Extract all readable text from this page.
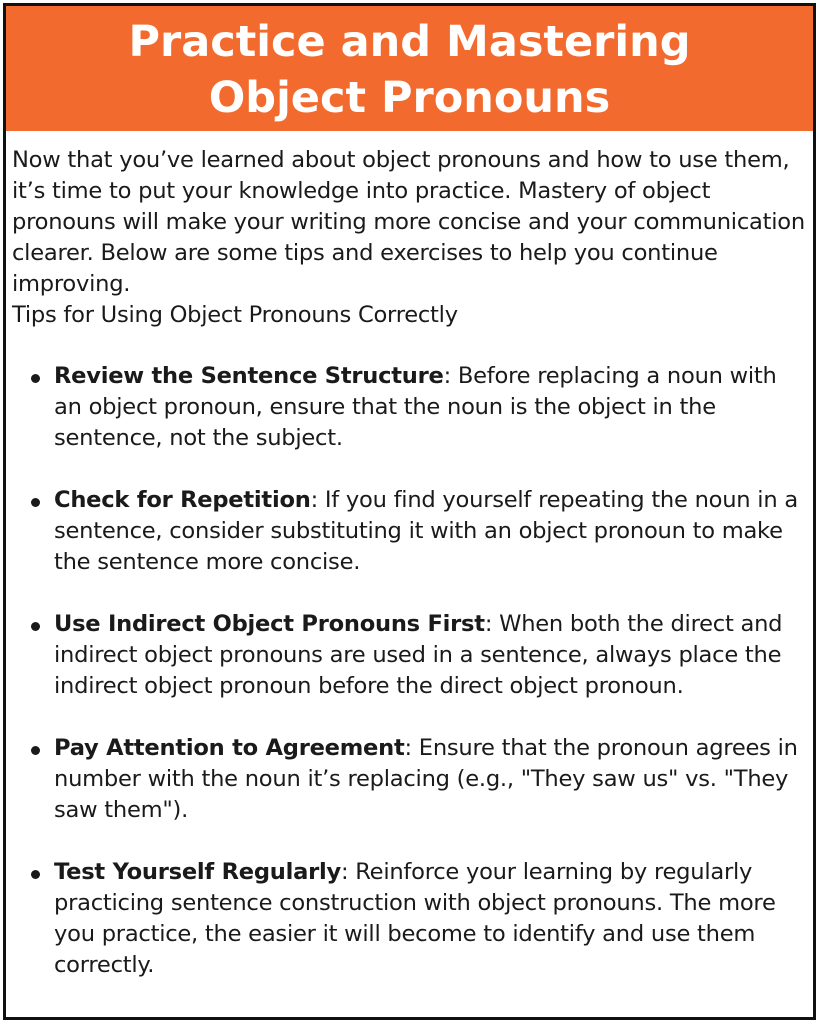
Practice and Mastering
Object Pronouns

Now that you’ve learned about object pronouns and how to use them, it’s time to put your knowledge into practice. Mastery of object pronouns will make your writing more concise and your communication clearer. Below are some tips and exercises to help you continue improving.

Tips for Using Object Pronouns Correctly

Review the Sentence Structure: Before replacing a noun with an object pronoun, ensure that the noun is the object in the sentence, not the subject.
Check for Repetition: If you find yourself repeating the noun in a sentence, consider substituting it with an object pronoun to make the sentence more concise.
Use Indirect Object Pronouns First: When both the direct and indirect object pronouns are used in a sentence, always place the indirect object pronoun before the direct object pronoun.
Pay Attention to Agreement: Ensure that the pronoun agrees in number with the noun it’s replacing (e.g., "They saw us" vs. "They saw them").
Test Yourself Regularly: Reinforce your learning by regularly practicing sentence construction with object pronouns. The more you practice, the easier it will become to identify and use them correctly.
